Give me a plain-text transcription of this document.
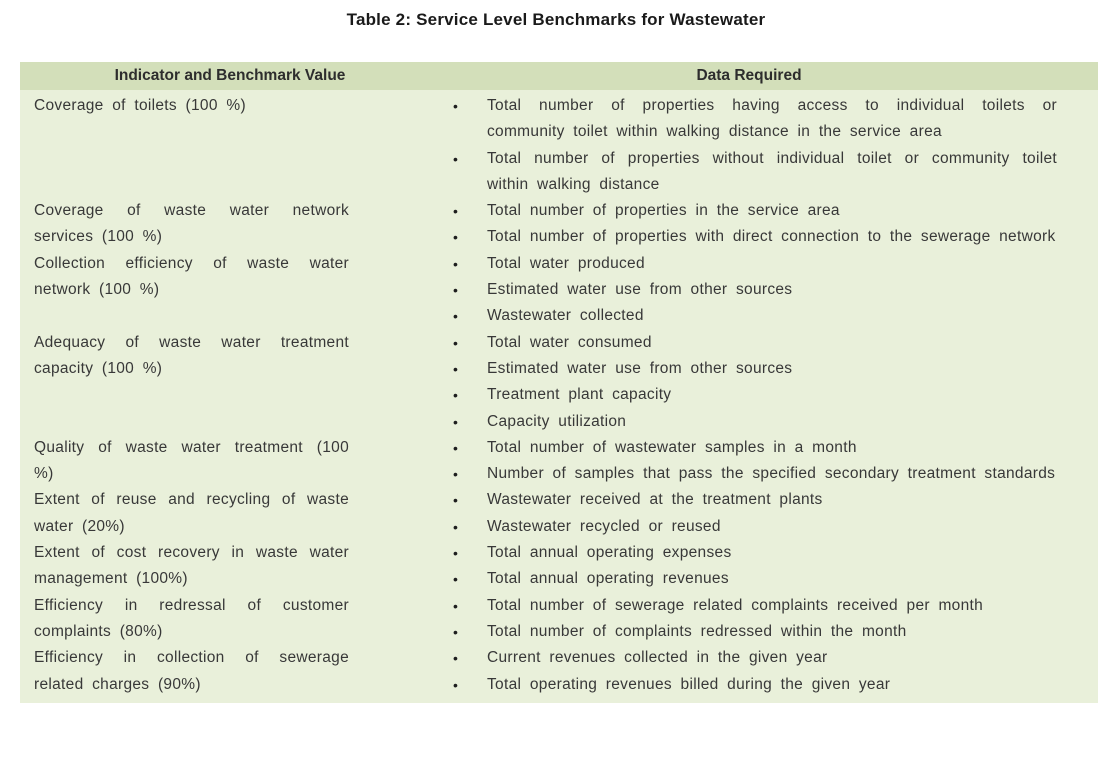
Table 2: Service Level Benchmarks for Wastewater
Indicator and Benchmark Value	Data Required
Coverage of toilets (100 %)	•	Total number of properties having access to individual toilets or community toilet within walking distance in the service area
•	Total number of properties without individual toilet or community toilet within walking distance
Coverage of waste water network services (100 %)
•	Total number of properties in the service area
•	Total number of properties with direct connection to the sewerage network
Collection efficiency of waste water network (100 %)
•	Total water produced
•	Estimated water use from other sources
•	Wastewater collected
Adequacy of waste water treatment capacity (100 %)
•	Total water consumed
•	Estimated water use from other sources
•	Treatment plant capacity
•	Capacity utilization
Quality of waste water treatment (100 %)
•	Total number of wastewater samples in a month
•	Number of samples that pass the specified secondary treatment standards
Extent of reuse and recycling of waste water (20%)
•	Wastewater received at the treatment plants
•	Wastewater recycled or reused
Extent of cost recovery in waste water management (100%)
•	Total annual operating expenses
•	Total annual operating revenues
Efficiency in redressal of customer complaints (80%)
•	Total number of sewerage related complaints received per month
•	Total number of complaints redressed within the month
Efficiency in collection of sewerage related charges (90%)
•	Current revenues collected in the given year
•	Total operating revenues billed during the given year
